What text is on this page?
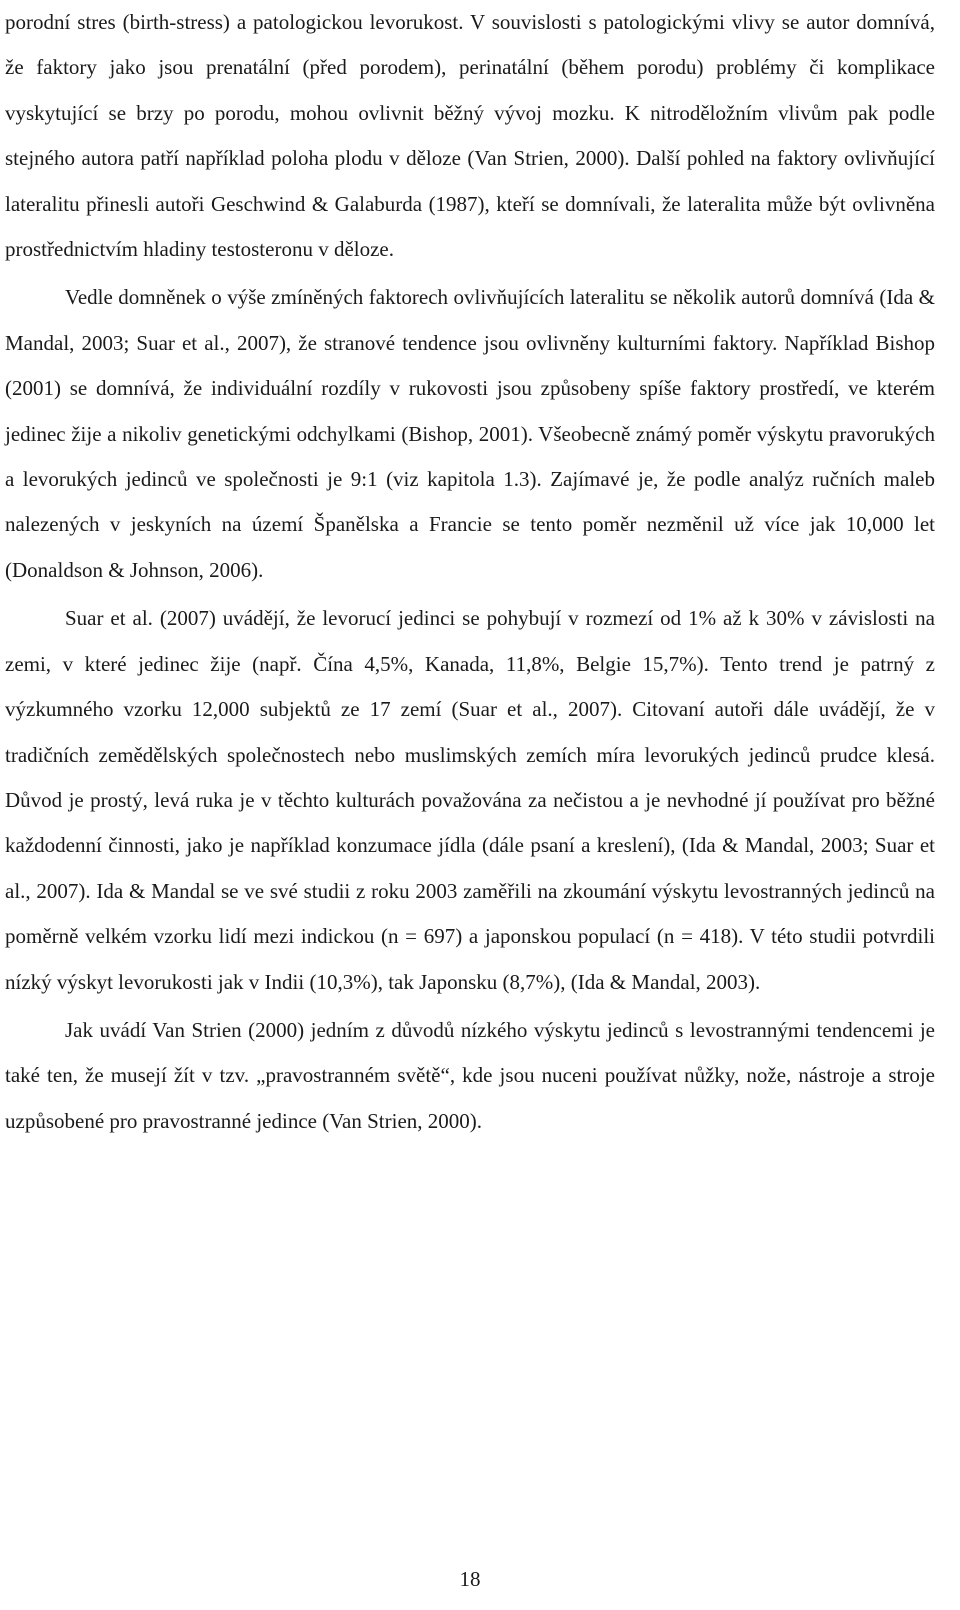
porodní stres (birth-stress) a patologickou levorukost. V souvislosti s patologickými vlivy se autor domnívá, že faktory jako jsou prenatální (před porodem), perinatální (během porodu) problémy či komplikace vyskytující se brzy po porodu, mohou ovlivnit běžný vývoj mozku. K nitroděložním vlivům pak podle stejného autora patří například poloha plodu v děloze (Van Strien, 2000). Další pohled na faktory ovlivňující lateralitu přinesli autoři Geschwind & Galaburda (1987), kteří se domnívali, že lateralita může být ovlivněna prostřednictvím hladiny testosteronu v děloze.

Vedle domněnek o výše zmíněných faktorech ovlivňujících lateralitu se několik autorů domnívá (Ida & Mandal, 2003; Suar et al., 2007), že stranové tendence jsou ovlivněny kulturními faktory. Například Bishop (2001) se domnívá, že individuální rozdíly v rukovosti jsou způsobeny spíše faktory prostředí, ve kterém jedinec žije a nikoliv genetickými odchylkami (Bishop, 2001). Všeobecně známý poměr výskytu pravorukých a levorukých jedinců ve společnosti je 9:1 (viz kapitola 1.3). Zajímavé je, že podle analýz ručních maleb nalezených v jeskyních na území Španělska a Francie se tento poměr nezměnil už více jak 10,000 let (Donaldson & Johnson, 2006).

Suar et al. (2007) uvádějí, že levorucí jedinci se pohybují v rozmezí od 1% až k 30% v závislosti na zemi, v které jedinec žije (např. Čína 4,5%, Kanada, 11,8%, Belgie 15,7%). Tento trend je patrný z výzkumného vzorku 12,000 subjektů ze 17 zemí (Suar et al., 2007). Citovaní autoři dále uvádějí, že v tradičních zemědělských společnostech nebo muslimských zemích míra levorukých jedinců prudce klesá. Důvod je prostý, levá ruka je v těchto kulturách považována za nečistou a je nevhodné jí používat pro běžné každodenní činnosti, jako je například konzumace jídla (dále psaní a kreslení), (Ida & Mandal, 2003; Suar et al., 2007). Ida & Mandal se ve své studii z roku 2003 zaměřili na zkoumání výskytu levostranných jedinců na poměrně velkém vzorku lidí mezi indickou (n = 697) a japonskou populací (n = 418). V této studii potvrdili nízký výskyt levorukosti jak v Indii (10,3%), tak Japonsku (8,7%), (Ida & Mandal, 2003).

Jak uvádí Van Strien (2000) jedním z důvodů nízkého výskytu jedinců s levostrannými tendencemi je také ten, že musejí žít v tzv. „pravostranném světě“, kde jsou nuceni používat nůžky, nože, nástroje a stroje uzpůsobené pro pravostranné jedince (Van Strien, 2000).

18
